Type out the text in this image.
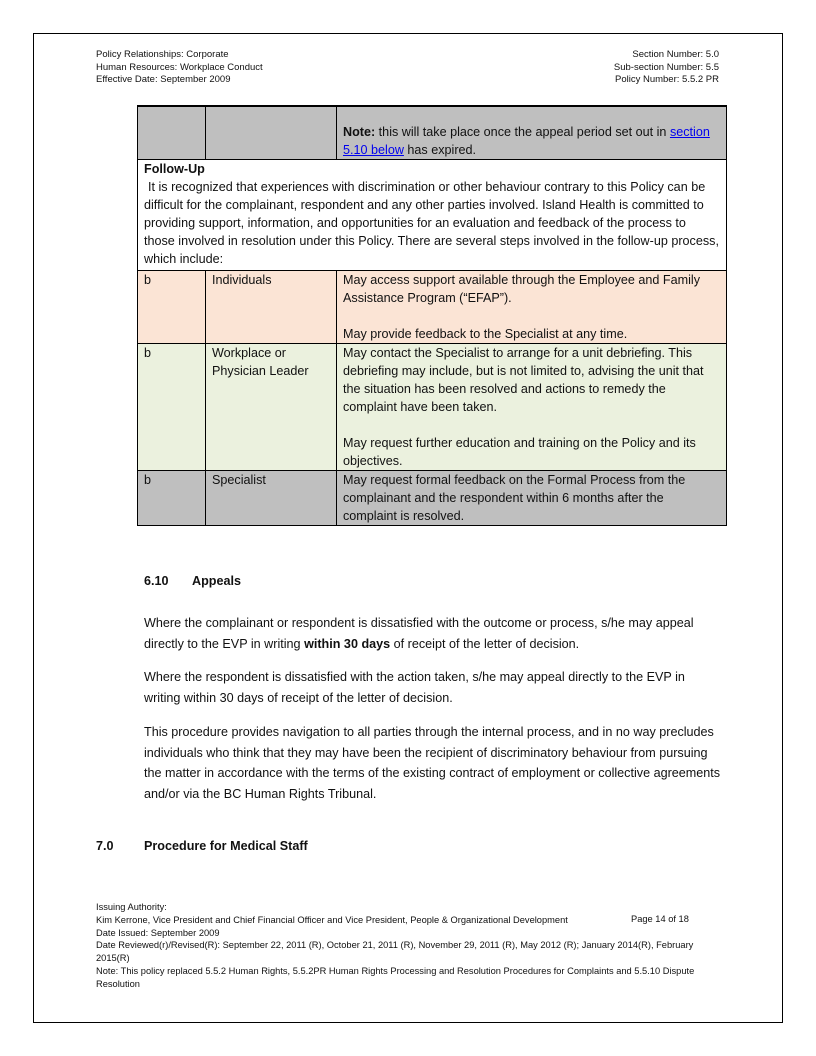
Policy Relationships: Corporate
Human Resources: Workplace Conduct
Effective Date: September 2009
Section Number: 5.0
Sub-section Number: 5.5
Policy Number: 5.5.2 PR
		Note: this will take place once the appeal period set out in section 5.10 below has expired.
Follow-Up

It is recognized that experiences with discrimination or other behaviour contrary to this Policy can be difficult for the complainant, respondent and any other parties involved. Island Health is committed to providing support, information, and opportunities for an evaluation and feedback of the process to those involved in resolution under this Policy. There are several steps involved in the follow-up process, which include:		

b	Individuals	May access support available through the Employee and Family Assistance Program (“EFAP”).

May provide feedback to the Specialist at any time.

b	Workplace or Physician Leader	May contact the Specialist to arrange for a unit debriefing. This debriefing may include, but is not limited to, advising the unit that the situation has been resolved and actions to remedy the complaint have been taken.

May request further education and training on the Policy and its objectives.

b	Specialist	May request formal feedback on the Formal Process from the complainant and the respondent within 6 months after the complaint is resolved.

6.10 Appeals
Where the complainant or respondent is dissatisfied with the outcome or process, s/he may appeal directly to the EVP in writing within 30 days of receipt of the letter of decision.
Where the respondent is dissatisfied with the action taken, s/he may appeal directly to the EVP in writing within 30 days of receipt of the letter of decision.
This procedure provides navigation to all parties through the internal process, and in no way precludes individuals who think that they may have been the recipient of discriminatory behaviour from pursuing the matter in accordance with the terms of the existing contract of employment or collective agreements and/or via the BC Human Rights Tribunal.
7.0 Procedure for Medical Staff
Issuing Authority:
Kim Kerrone, Vice President and Chief Financial Officer and Vice President, People & Organizational Development
Date Issued: September 2009
Date Reviewed(r)/Revised(R): September 22, 2011 (R), October 21, 2011 (R), November 29, 2011 (R), May 2012 (R); January 2014(R), February 2015(R)
Note: This policy replaced 5.5.2 Human Rights, 5.5.2PR Human Rights Processing and Resolution Procedures for Complaints and 5.5.10 Dispute Resolution
Page 14 of 18
